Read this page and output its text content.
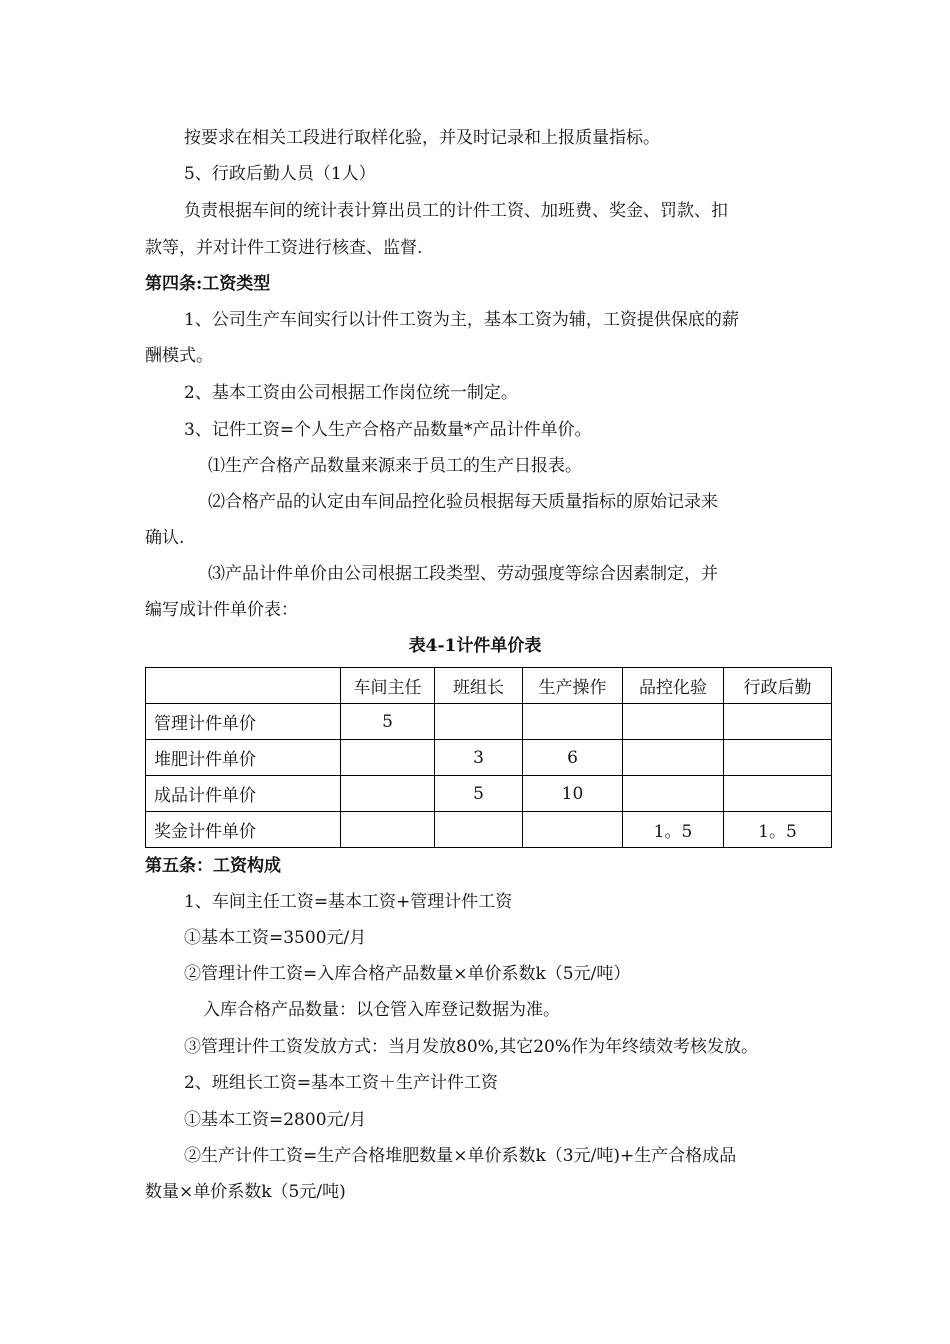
按要求在相关工段进行取样化验，并及时记录和上报质量指标。
5、行政后勤人员（1人）
负责根据车间的统计表计算出员工的计件工资、加班费、奖金、罚款、扣
款等，并对计件工资进行核查、监督.
第四条:工资类型
1、公司生产车间实行以计件工资为主，基本工资为辅，工资提供保底的薪
酬模式。
2、基本工资由公司根据工作岗位统一制定。
3、记件工资=个人生产合格产品数量*产品计件单价。
⑴生产合格产品数量来源来于员工的生产日报表。
⑵合格产品的认定由车间品控化验员根据每天质量指标的原始记录来
确认.
⑶产品计件单价由公司根据工段类型、劳动强度等综合因素制定，并
编写成计件单价表：
表4-1计件单价表
	车间主任	班组长	生产操作	品控化验	行政后勤
管理计件单价	5				
堆肥计件单价		3	6		
成品计件单价		5	10		
奖金计件单价				1。5	1。5
第五条：工资构成
1、车间主任工资=基本工资+管理计件工资
①基本工资=3500元/月
②管理计件工资=入库合格产品数量×单价系数k（5元/吨）
入库合格产品数量：以仓管入库登记数据为准。
③管理计件工资发放方式：当月发放80%,其它20%作为年终绩效考核发放。
2、班组长工资=基本工资＋生产计件工资
①基本工资=2800元/月
②生产计件工资=生产合格堆肥数量×单价系数k（3元/吨)+生产合格成品
数量×单价系数k（5元/吨)
